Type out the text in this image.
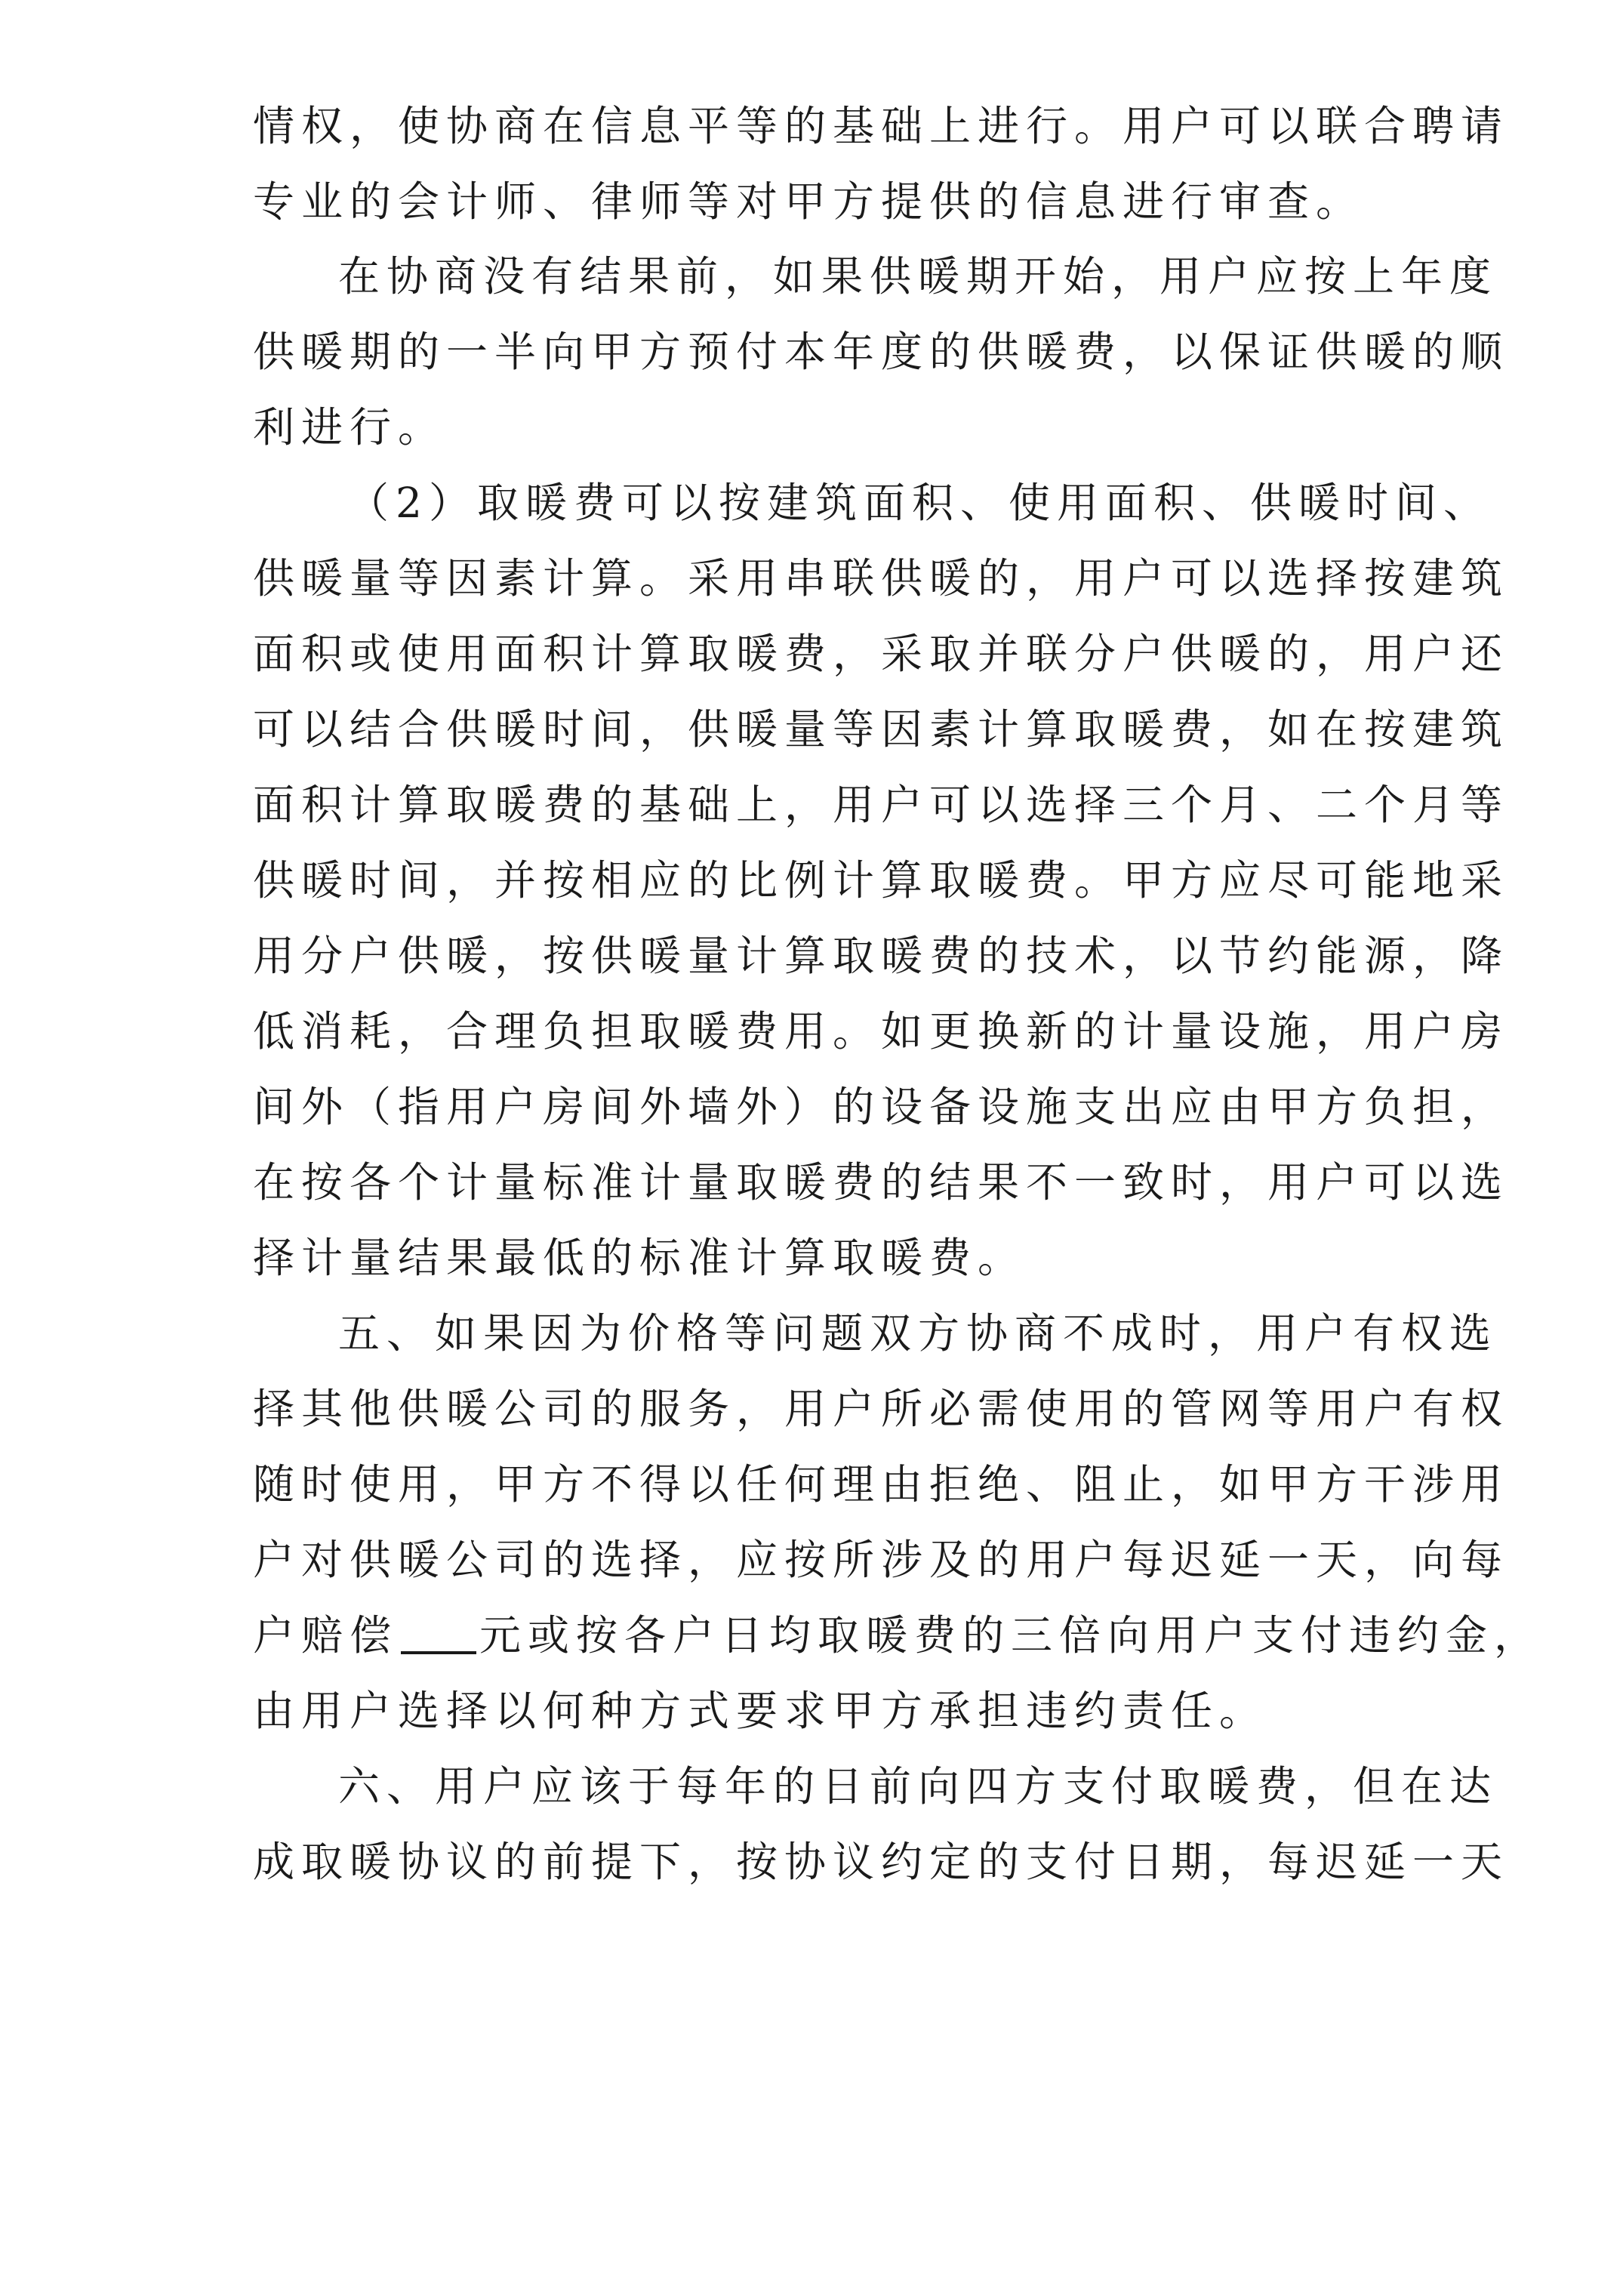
情权，使协商在信息平等的基础上进行。用户可以联合聘请
专业的会计师、律师等对甲方提供的信息进行审查。
在协商没有结果前，如果供暖期开始，用户应按上年度
供暖期的一半向甲方预付本年度的供暖费，以保证供暖的顺
利进行。
（2）取暖费可以按建筑面积、使用面积、供暖时间、
供暖量等因素计算。采用串联供暖的，用户可以选择按建筑
面积或使用面积计算取暖费，采取并联分户供暖的，用户还
可以结合供暖时间，供暖量等因素计算取暖费，如在按建筑
面积计算取暖费的基础上，用户可以选择三个月、二个月等
供暖时间，并按相应的比例计算取暖费。甲方应尽可能地采
用分户供暖，按供暖量计算取暖费的技术，以节约能源，降
低消耗，合理负担取暖费用。如更换新的计量设施，用户房
间外（指用户房间外墙外）的设备设施支出应由甲方负担，
在按各个计量标准计量取暖费的结果不一致时，用户可以选
择计量结果最低的标准计算取暖费。
五、如果因为价格等问题双方协商不成时，用户有权选
择其他供暖公司的服务，用户所必需使用的管网等用户有权
随时使用，甲方不得以任何理由拒绝、阻止，如甲方干涉用
户对供暖公司的选择，应按所涉及的用户每迟延一天，向每
户赔偿 元或按各户日均取暖费的三倍向用户支付违约金，
由用户选择以何种方式要求甲方承担违约责任。
六、用户应该于每年的日前向四方支付取暖费，但在达
成取暖协议的前提下，按协议约定的支付日期，每迟延一天
